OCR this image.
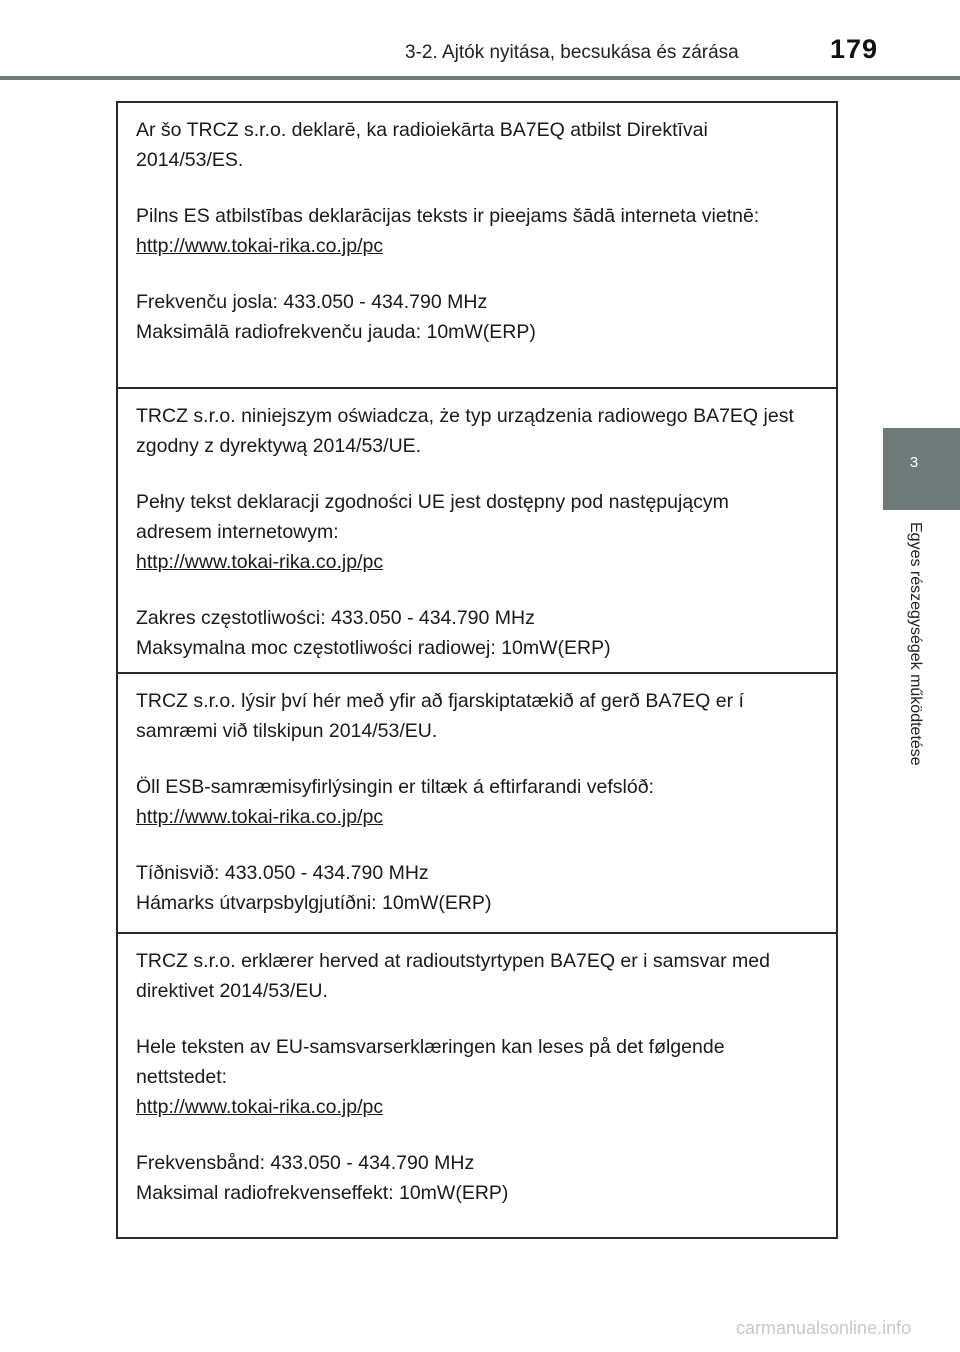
3-2. Ajtók nyitása, becsukása és zárása	179
3
Egyes részegységek működtetése

Ar šo TRCZ s.r.o. deklarē, ka radioiekārta BA7EQ atbilst Direktīvai 2014/53/ES.

Pilns ES atbilstības deklarācijas teksts ir pieejams šādā interneta vietnē:

http://www.tokai-rika.co.jp/pc

Frekvenču josla: 433.050 - 434.790 MHz

Maksimālā radiofrekvenču jauda: 10mW(ERP)

TRCZ s.r.o. niniejszym oświadcza, że typ urządzenia radiowego BA7EQ jest zgodny z dyrektywą 2014/53/UE.

Pełny tekst deklaracji zgodności UE jest dostępny pod następującym adresem internetowym:

http://www.tokai-rika.co.jp/pc

Zakres częstotliwości: 433.050 - 434.790 MHz

Maksymalna moc częstotliwości radiowej: 10mW(ERP)

TRCZ s.r.o. lýsir því hér með yfir að fjarskiptatækið af gerð BA7EQ er í samræmi við tilskipun 2014/53/EU.

Öll ESB-samræmisyfirlýsingin er tiltæk á eftirfarandi vefslóð:

http://www.tokai-rika.co.jp/pc

Tíðnisvið: 433.050 - 434.790 MHz

Hámarks útvarpsbylgjutíðni: 10mW(ERP)

TRCZ s.r.o. erklærer herved at radioutstyrtypen BA7EQ er i samsvar med direktivet 2014/53/EU.

Hele teksten av EU-samsvarserklæringen kan leses på det følgende nettstedet:

http://www.tokai-rika.co.jp/pc

Frekvensbånd: 433.050 - 434.790 MHz

Maksimal radiofrekvenseffekt: 10mW(ERP)

carmanualsonline.info
